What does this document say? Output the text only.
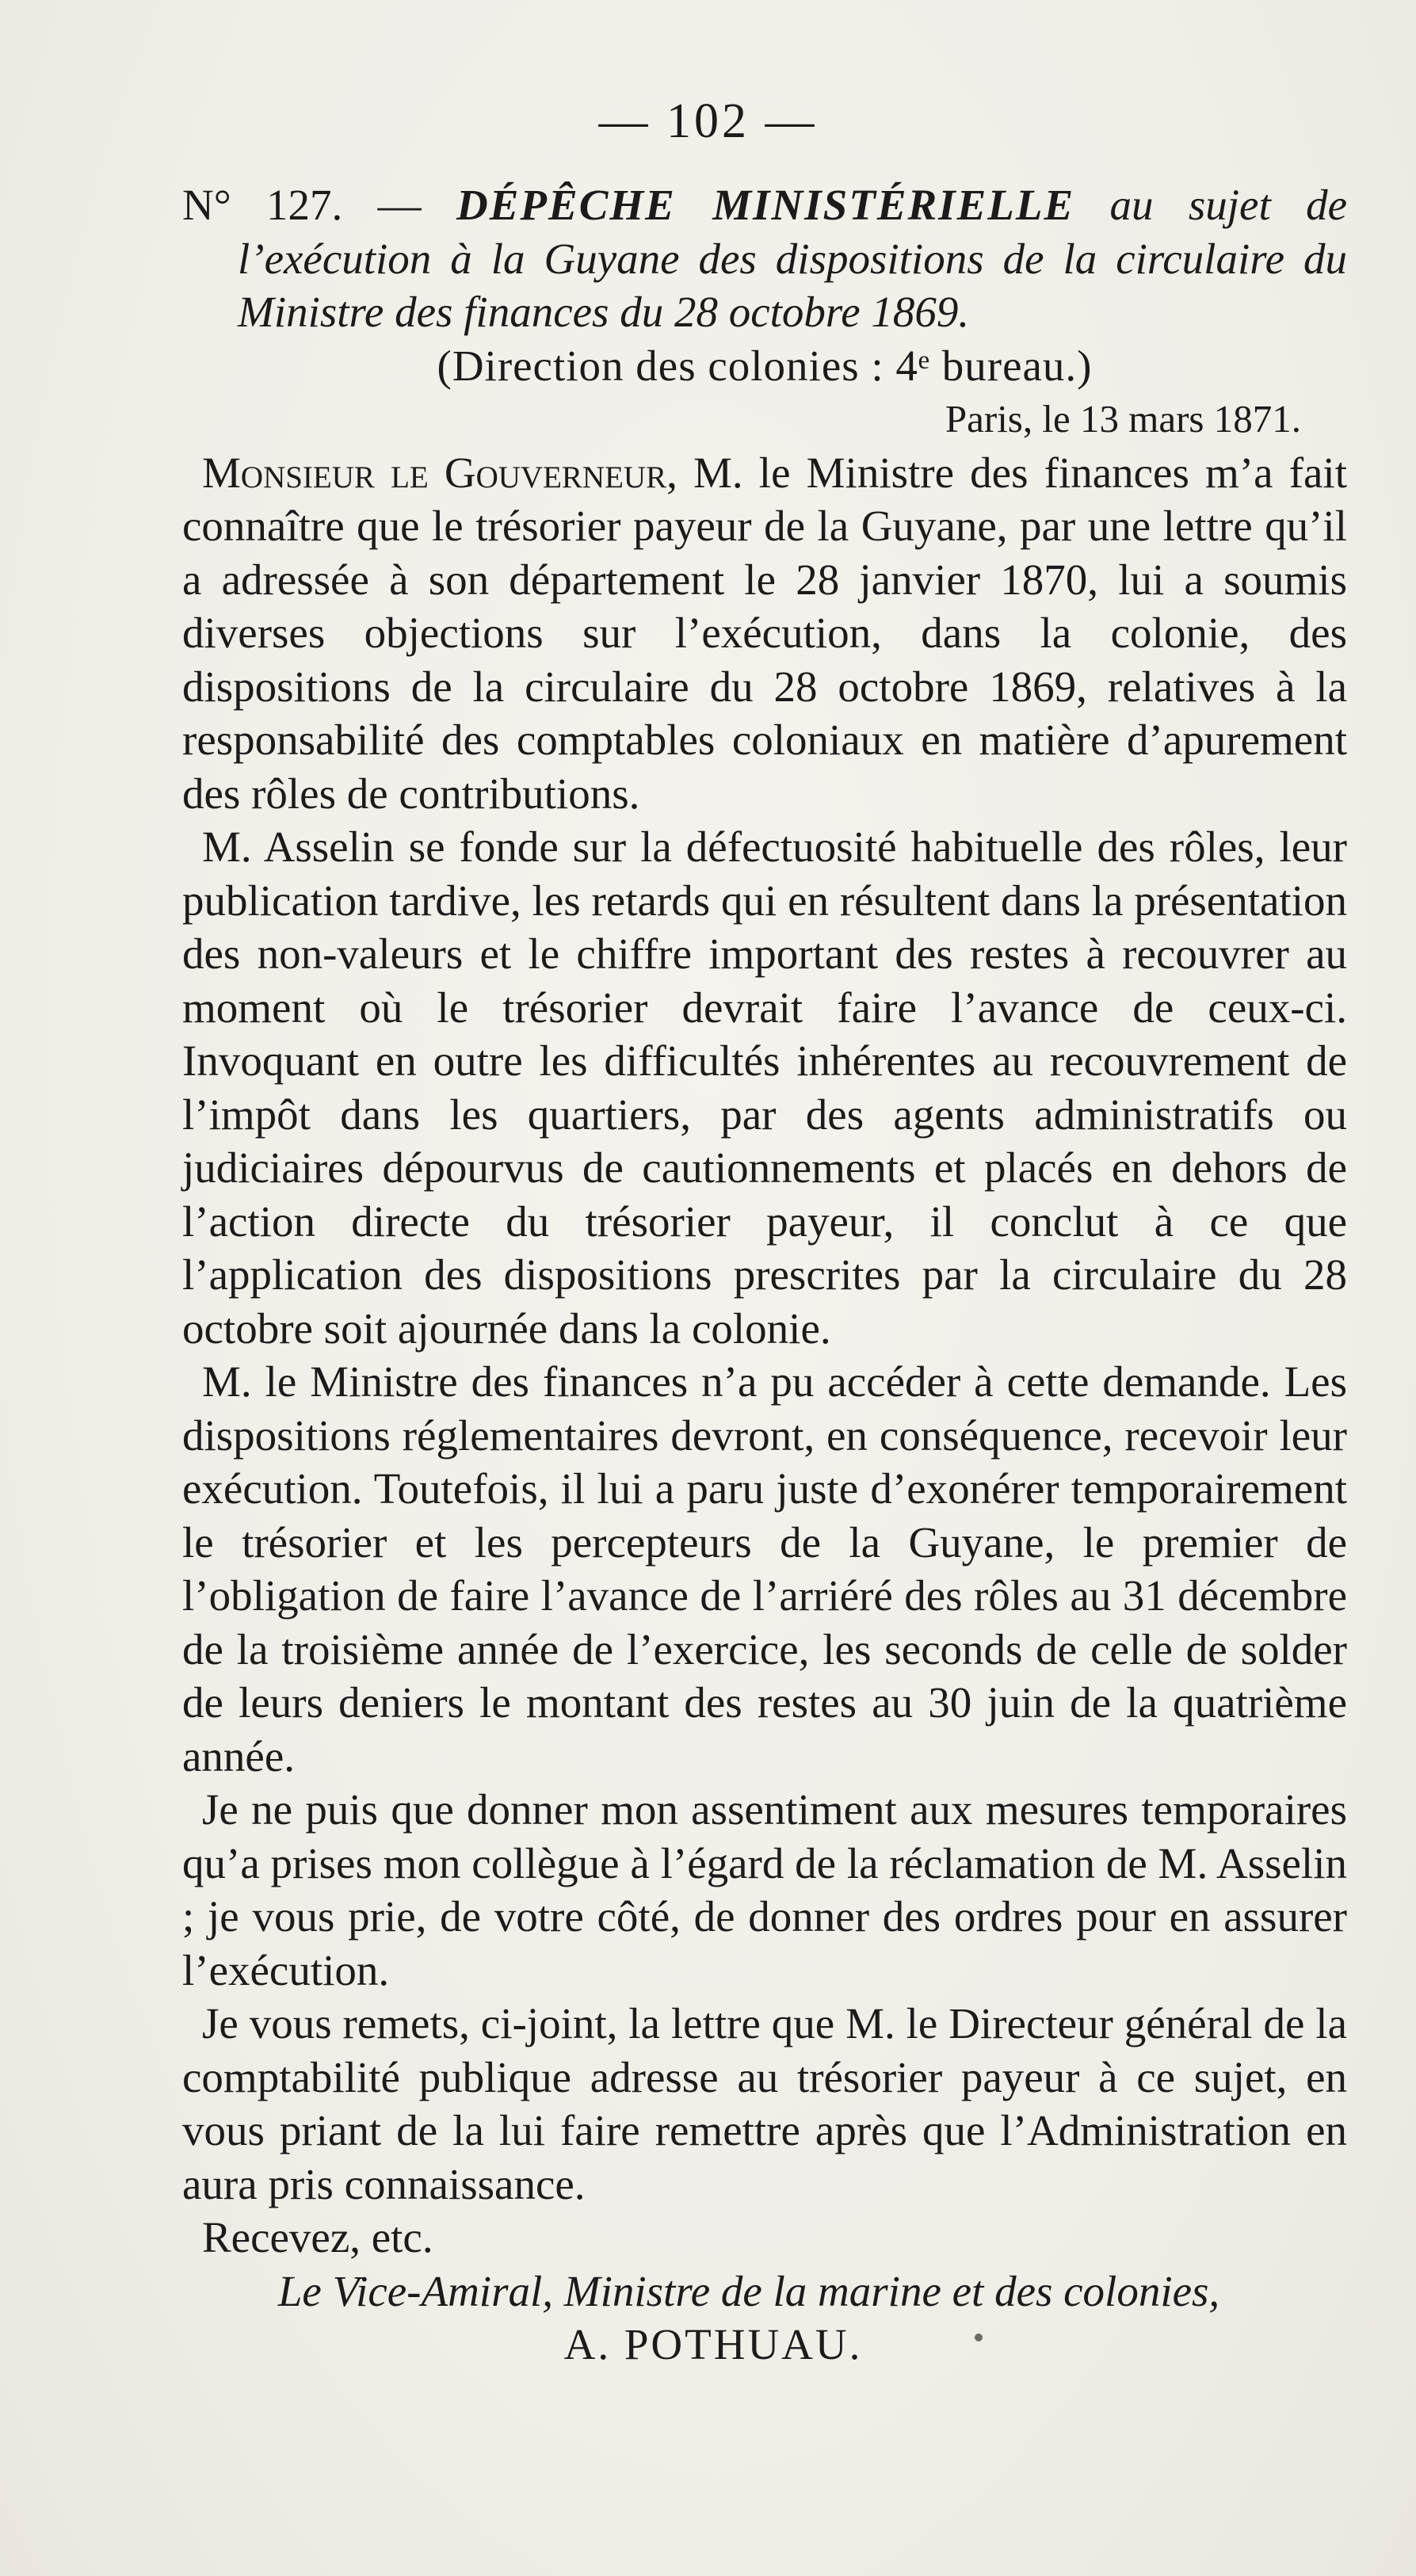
— 102 —

N° 127. — DÉPÊCHE MINISTÉRIELLE au sujet de l’exécution à la Guyane des dispositions de la circulaire du Ministre des finances du 28 octobre 1869.

(Direction des colonies : 4ᵉ bureau.)

Paris, le 13 mars 1871.

Monsieur le Gouverneur, M. le Ministre des finances m’a fait connaître que le trésorier payeur de la Guyane, par une lettre qu’il a adressée à son département le 28 janvier 1870, lui a soumis diverses objections sur l’exécution, dans la colonie, des dispositions de la circulaire du 28 octobre 1869, relatives à la responsabilité des comptables coloniaux en matière d’apurement des rôles de contributions.

M. Asselin se fonde sur la défectuosité habituelle des rôles, leur publication tardive, les retards qui en résultent dans la présentation des non-valeurs et le chiffre important des restes à recouvrer au moment où le trésorier devrait faire l’avance de ceux-ci. Invoquant en outre les difficultés inhérentes au recouvrement de l’impôt dans les quartiers, par des agents administratifs ou judiciaires dépourvus de cautionnements et placés en dehors de l’action directe du trésorier payeur, il conclut à ce que l’application des dispositions prescrites par la circulaire du 28 octobre soit ajournée dans la colonie.

M. le Ministre des finances n’a pu accéder à cette demande. Les dispositions réglementaires devront, en conséquence, recevoir leur exécution. Toutefois, il lui a paru juste d’exonérer temporairement le trésorier et les percepteurs de la Guyane, le premier de l’obligation de faire l’avance de l’arriéré des rôles au 31 décembre de la troisième année de l’exercice, les seconds de celle de solder de leurs deniers le montant des restes au 30 juin de la quatrième année.

Je ne puis que donner mon assentiment aux mesures temporaires qu’a prises mon collègue à l’égard de la réclamation de M. Asselin ; je vous prie, de votre côté, de donner des ordres pour en assurer l’exécution.

Je vous remets, ci-joint, la lettre que M. le Directeur général de la comptabilité publique adresse au trésorier payeur à ce sujet, en vous priant de la lui faire remettre après que l’Administration en aura pris connaissance.

Recevez, etc.

Le Vice-Amiral, Ministre de la marine et des colonies,

A. POTHUAU.
